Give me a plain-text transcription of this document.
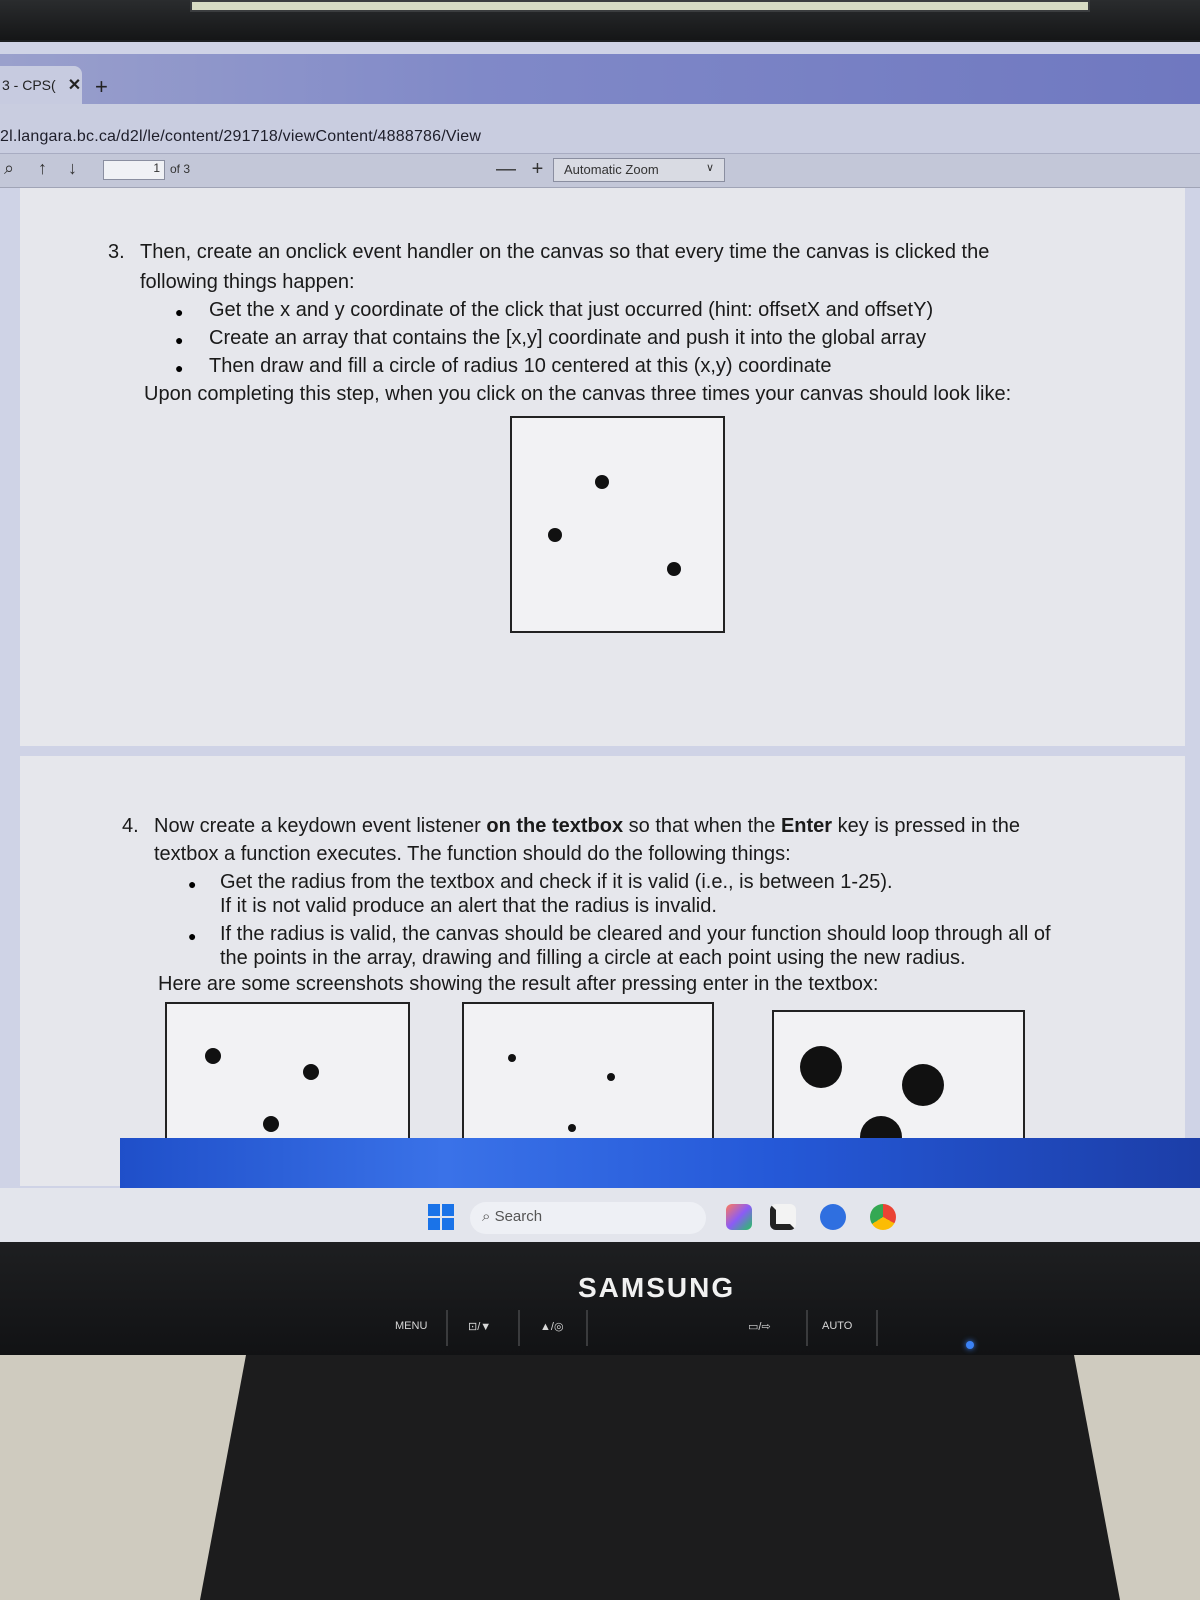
3 - CPS( ✕ +
2l.langara.bc.ca/d2l/le/content/291718/viewContent/4888786/View
⌕ ↑ ↓	1 of 3	— +	Automatic Zoom	∨
3. Then, create an onclick event handler on the canvas so that every time the canvas is clicked the
following things happen:
● Get the x and y coordinate of the click that just occurred (hint: offsetX and offsetY)
● Create an array that contains the [x,y] coordinate and push it into the global array
● Then draw and fill a circle of radius 10 centered at this (x,y) coordinate
Upon completing this step, when you click on the canvas three times your canvas should look like:
4. Now create a keydown event listener on the textbox so that when the Enter key is pressed in the
textbox a function executes. The function should do the following things:
● Get the radius from the textbox and check if it is valid (i.e., is between 1-25).
If it is not valid produce an alert that the radius is invalid.
● If the radius is valid, the canvas should be cleared and your function should loop through all of
the points in the array, drawing and filling a circle at each point using the new radius.
Here are some screenshots showing the result after pressing enter in the textbox:
⌕ Search
SAMSUNG
MENU	⊡/▼	▲/◎	▭/⇨	AUTO
